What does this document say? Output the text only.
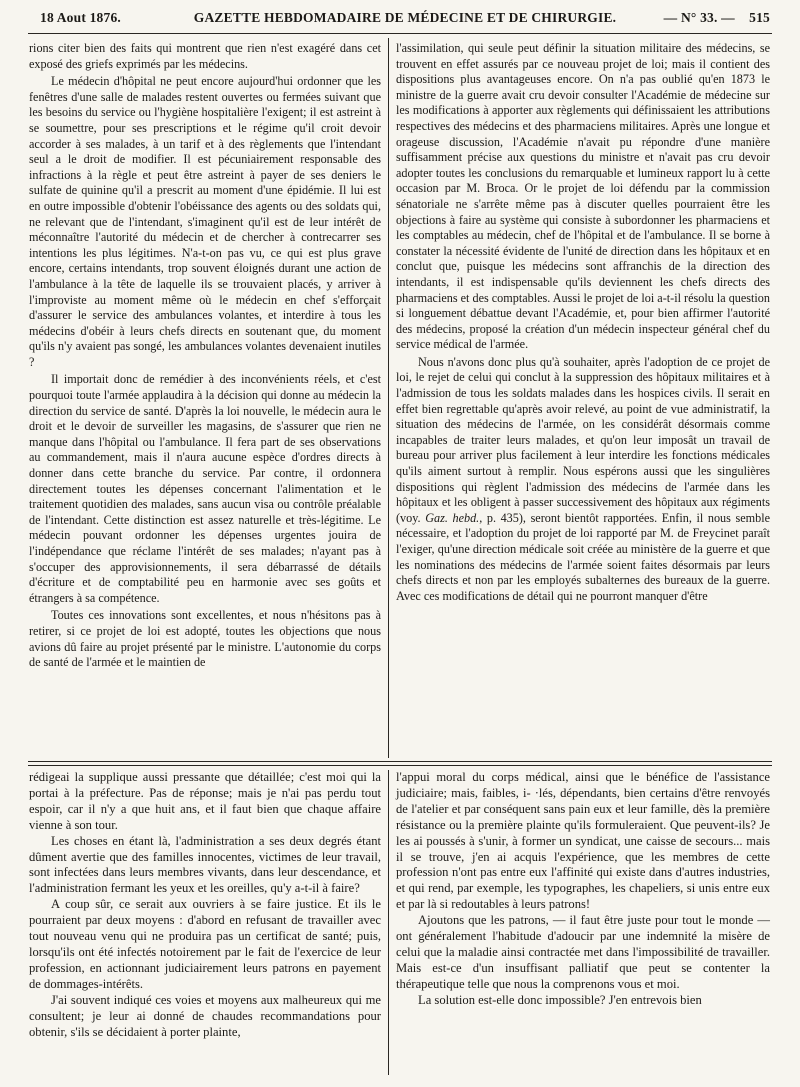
18 Aout 1876.	GAZETTE HEBDOMADAIRE DE MÉDECINE ET DE CHIRURGIE.	— N° 33. — 515

rions citer bien des faits qui montrent que rien n'est exagéré dans cet exposé des griefs exprimés par les médecins.

Le médecin d'hôpital ne peut encore aujourd'hui ordonner que les fenêtres d'une salle de malades restent ouvertes ou fermées suivant que les besoins du service ou l'hygiène hospitalière l'exigent; il est astreint à se soumettre, pour ses prescriptions et le régime qu'il croit devoir accorder à ses malades, à un tarif et à des règlements que l'intendant seul a le droit de modifier. Il est pécuniairement responsable des infractions à la règle et peut être astreint à payer de ses deniers le sulfate de quinine qu'il a prescrit au moment d'une épidémie. Il lui est en outre impossible d'obtenir l'obéissance des agents ou des soldats qui, ne relevant que de l'intendant, s'imaginent qu'il est de leur intérêt de méconnaître l'autorité du médecin et de chercher à contrecarrer ses intentions les plus légitimes. N'a-t-on pas vu, ce qui est plus grave encore, certains intendants, trop souvent éloignés durant une action de l'ambulance à la tête de laquelle ils se trouvaient placés, y arriver à l'improviste au moment même où le médecin en chef s'efforçait d'assurer le service des ambulances volantes, et interdire à tous les médecins d'obéir à leurs chefs directs en soutenant que, du moment qu'ils n'y avaient pas songé, les ambulances volantes devenaient inutiles ?

Il importait donc de remédier à des inconvénients réels, et c'est pourquoi toute l'armée applaudira à la décision qui donne au médecin la direction du service de santé. D'après la loi nouvelle, le médecin aura le droit et le devoir de surveiller les magasins, de s'assurer que rien ne manque dans l'hôpital ou l'ambulance. Il fera part de ses observations au commandement, mais il n'aura aucune espèce d'ordres directs à donner dans cette branche du service. Par contre, il ordonnera directement toutes les dépenses concernant l'alimentation et le traitement quotidien des malades, sans aucun visa ou contrôle préalable de l'intendant. Cette distinction est assez naturelle et très-légitime. Le médecin pouvant ordonner les dépenses urgentes jouira de l'indépendance que réclame l'intérêt de ses malades; n'ayant pas à s'occuper des approvisionnements, il sera débarrassé de détails d'écriture et de comptabilité peu en harmonie avec ses goûts et étrangers à sa compétence.

Toutes ces innovations sont excellentes, et nous n'hésitons pas à retirer, si ce projet de loi est adopté, toutes les objections que nous avions dû faire au projet présenté par le ministre. L'autonomie du corps de santé de l'armée et le maintien de

l'assimilation, qui seule peut définir la situation militaire des médecins, se trouvent en effet assurés par ce nouveau projet de loi; mais il contient des dispositions plus avantageuses encore. On n'a pas oublié qu'en 1873 le ministre de la guerre avait cru devoir consulter l'Académie de médecine sur les modifications à apporter aux règlements qui définissaient les attributions respectives des médecins et des pharmaciens militaires. Après une longue et orageuse discussion, l'Académie n'avait pu répondre d'une manière suffisamment précise aux questions du ministre et n'avait pas cru devoir adopter toutes les conclusions du remarquable et lumineux rapport lu à cette occasion par M. Broca. Or le projet de loi défendu par la commission sénatoriale ne s'arrête même pas à discuter quelles pourraient être les objections à faire au système qui consiste à subordonner les pharmaciens et les comptables au médecin, chef de l'hôpital et de l'ambulance. Il se borne à constater la nécessité évidente de l'unité de direction dans les hôpitaux et en conclut que, puisque les médecins sont affranchis de la direction des intendants, il est indispensable qu'ils deviennent les chefs directs des pharmaciens et des comptables. Aussi le projet de loi a-t-il résolu la question si longuement débattue devant l'Académie, et, pour bien affirmer l'autorité des médecins, proposé la création d'un médecin inspecteur général chef du service médical de l'armée.

Nous n'avons donc plus qu'à souhaiter, après l'adoption de ce projet de loi, le rejet de celui qui conclut à la suppression des hôpitaux militaires et à l'admission de tous les soldats malades dans les hospices civils. Il serait en effet bien regrettable qu'après avoir relevé, au point de vue administratif, la situation des médecins de l'armée, on les considérât désormais comme incapables de traiter leurs malades, et qu'on leur imposât un travail de bureau pour arriver plus facilement à leur interdire les fonctions médicales qu'ils aiment surtout à remplir. Nous espérons aussi que les singulières dispositions qui règlent l'admission des médecins de l'armée dans les hôpitaux et les obligent à passer successivement des hôpitaux aux régiments (voy. Gaz. hebd., p. 435), seront bientôt rapportées. Enfin, il nous semble nécessaire, et l'adoption du projet de loi rapporté par M. de Freycinet paraît l'exiger, qu'une direction médicale soit créée au ministère de la guerre et que les nominations des médecins de l'armée soient faites désormais par leurs chefs directs et non par les employés subalternes des bureaux de la guerre. Avec ces modifications de détail qui ne pourront manquer d'être

rédigeai la supplique aussi pressante que détaillée; c'est moi qui la portai à la préfecture. Pas de réponse; mais je n'ai pas perdu tout espoir, car il n'y a que huit ans, et il faut bien que chaque affaire vienne à son tour.

Les choses en étant là, l'administration a ses deux degrés étant dûment avertie que des familles innocentes, victimes de leur travail, sont infectées dans leurs membres vivants, dans leur descendance, et l'administration fermant les yeux et les oreilles, qu'y a-t-il à faire?

A coup sûr, ce serait aux ouvriers à se faire justice. Et ils le pourraient par deux moyens : d'abord en refusant de travailler avec tout nouveau venu qui ne produira pas un certificat de santé; puis, lorsqu'ils ont été infectés notoirement par le fait de l'exercice de leur profession, en actionnant judiciairement leurs patrons en payement de dommages-intérêts.

J'ai souvent indiqué ces voies et moyens aux malheureux qui me consultent; je leur ai donné de chaudes recommandations pour obtenir, s'ils se décidaient à porter plainte,

l'appui moral du corps médical, ainsi que le bénéfice de l'assistance judiciaire; mais, faibles, i- ·lés, dépendants, bien certains d'être renvoyés de l'atelier et par conséquent sans pain eux et leur famille, dès la première résistance ou la première plainte qu'ils formuleraient. Que peuvent-ils? Je les ai poussés à s'unir, à former un syndicat, une caisse de secours... mais il se trouve, j'en ai acquis l'expérience, que les membres de cette profession n'ont pas entre eux l'affinité qui existe dans d'autres industries, et qui rend, par exemple, les typographes, les chapeliers, si unis entre eux et par là si redoutables à leurs patrons!

Ajoutons que les patrons, — il faut être juste pour tout le monde — ont généralement l'habitude d'adoucir par une indemnité la misère de celui que la maladie ainsi contractée met dans l'impossibilité de travailler. Mais est-ce d'un insuffisant palliatif que peut se contenter la thérapeutique telle que nous la comprenons vous et moi.

La solution est-elle donc impossible? J'en entrevois bien
